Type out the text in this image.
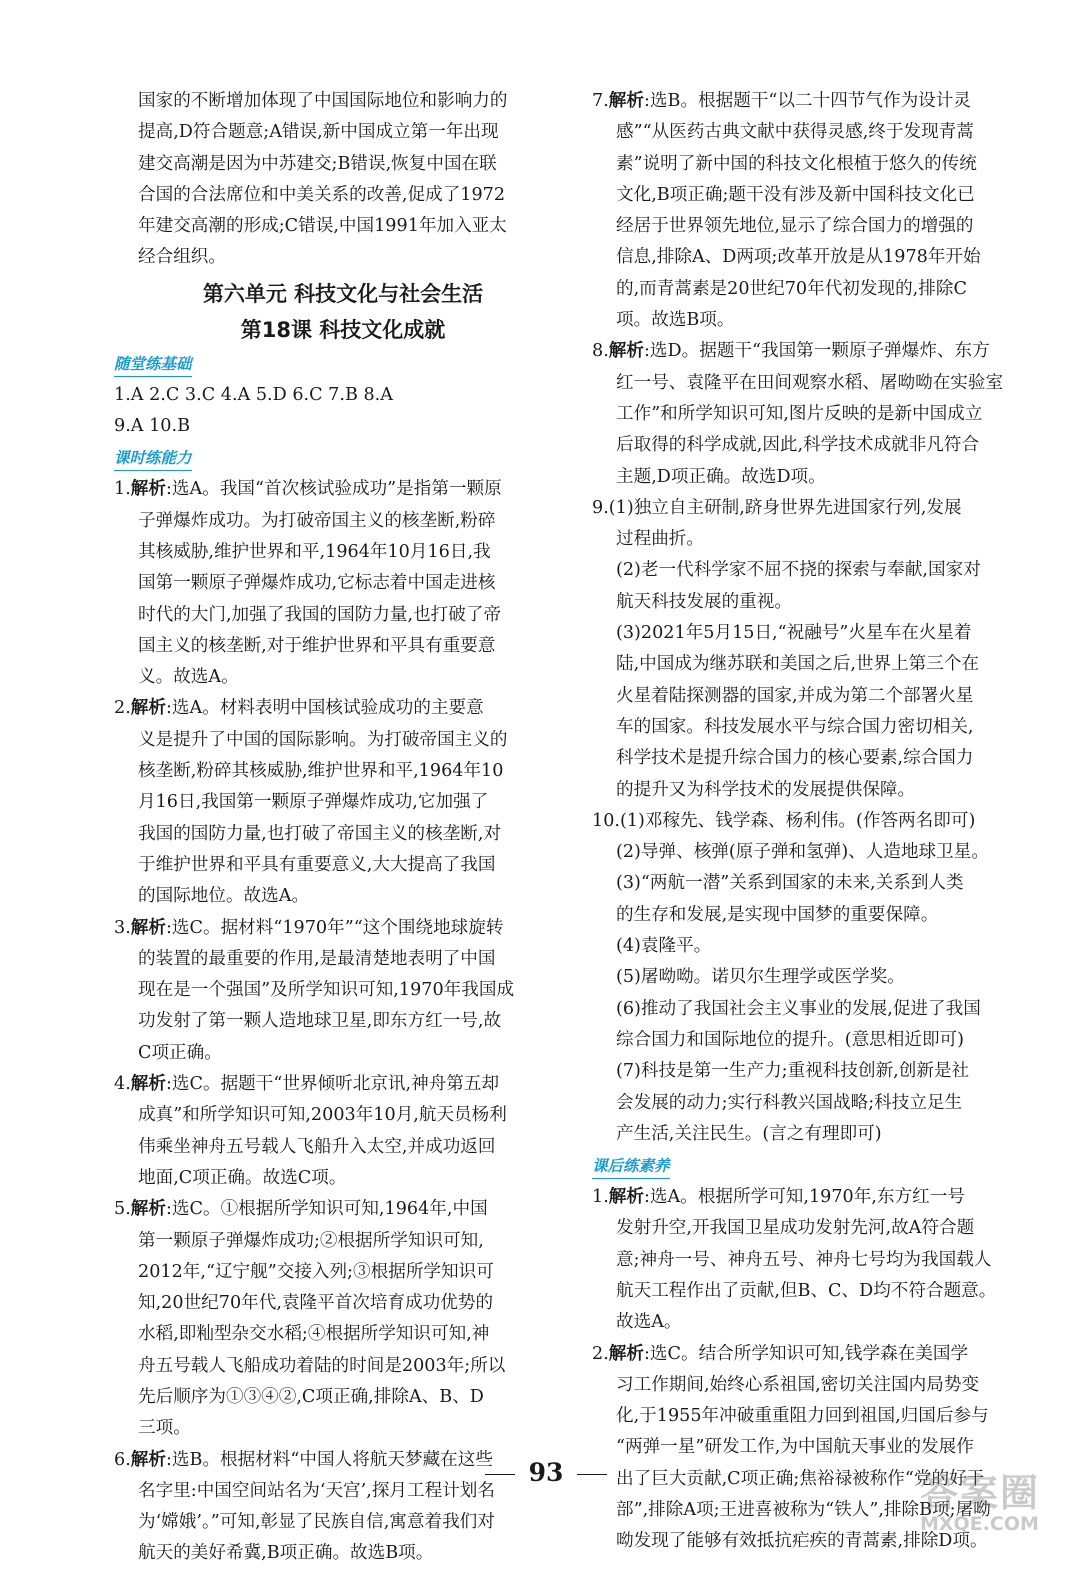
国家的不断增加体现了中国国际地位和影响力的

提高,D符合题意;A错误,新中国成立第一年出现

建交高潮是因为中苏建交;B错误,恢复中国在联

合国的合法席位和中美关系的改善,促成了1972

年建交高潮的形成;C错误,中国1991年加入亚太

经合组织。

第六单元 科技文化与社会生活
第18课 科技文化成就
随堂练基础

1.A 2.C 3.C 4.A 5.D 6.C 7.B 8.A

9.A 10.B

课时练能力

1.解析:选A。我国“首次核试验成功”是指第一颗原

子弹爆炸成功。为打破帝国主义的核垄断,粉碎

其核威胁,维护世界和平,1964年10月16日,我

国第一颗原子弹爆炸成功,它标志着中国走进核

时代的大门,加强了我国的国防力量,也打破了帝

国主义的核垄断,对于维护世界和平具有重要意

义。故选A。

2.解析:选A。材料表明中国核试验成功的主要意

义是提升了中国的国际影响。为打破帝国主义的

核垄断,粉碎其核威胁,维护世界和平,1964年10

月16日,我国第一颗原子弹爆炸成功,它加强了

我国的国防力量,也打破了帝国主义的核垄断,对

于维护世界和平具有重要意义,大大提高了我国

的国际地位。故选A。

3.解析:选C。据材料“1970年”“这个围绕地球旋转

的装置的最重要的作用,是最清楚地表明了中国

现在是一个强国”及所学知识可知,1970年我国成

功发射了第一颗人造地球卫星,即东方红一号,故

C项正确。

4.解析:选C。据题干“世界倾听北京讯,神舟第五却

成真”和所学知识可知,2003年10月,航天员杨利

伟乘坐神舟五号载人飞船升入太空,并成功返回

地面,C项正确。故选C项。

5.解析:选C。①根据所学知识可知,1964年,中国

第一颗原子弹爆炸成功;②根据所学知识可知,

2012年,“辽宁舰”交接入列;③根据所学知识可

知,20世纪70年代,袁隆平首次培育成功优势的

水稻,即籼型杂交水稻;④根据所学知识可知,神

舟五号载人飞船成功着陆的时间是2003年;所以

先后顺序为①③④②,C项正确,排除A、B、D

三项。

6.解析:选B。根据材料“中国人将航天梦藏在这些

名字里:中国空间站名为‘天宫’,探月工程计划名

为‘嫦娥’。”可知,彰显了民族自信,寓意着我们对

航天的美好希冀,B项正确。故选B项。

7.解析:选B。根据题干“以二十四节气作为设计灵

感”“从医药古典文献中获得灵感,终于发现青蒿

素”说明了新中国的科技文化根植于悠久的传统

文化,B项正确;题干没有涉及新中国科技文化已

经居于世界领先地位,显示了综合国力的增强的

信息,排除A、D两项;改革开放是从1978年开始

的,而青蒿素是20世纪70年代初发现的,排除C

项。故选B项。

8.解析:选D。据题干“我国第一颗原子弹爆炸、东方

红一号、袁隆平在田间观察水稻、屠呦呦在实验室

工作”和所学知识可知,图片反映的是新中国成立

后取得的科学成就,因此,科学技术成就非凡符合

主题,D项正确。故选D项。

9.(1)独立自主研制,跻身世界先进国家行列,发展

过程曲折。

(2)老一代科学家不屈不挠的探索与奉献,国家对

航天科技发展的重视。

(3)2021年5月15日,“祝融号”火星车在火星着

陆,中国成为继苏联和美国之后,世界上第三个在

火星着陆探测器的国家,并成为第二个部署火星

车的国家。科技发展水平与综合国力密切相关,

科学技术是提升综合国力的核心要素,综合国力

的提升又为科学技术的发展提供保障。

10.(1)邓稼先、钱学森、杨利伟。(作答两名即可)

(2)导弹、核弹(原子弹和氢弹)、人造地球卫星。

(3)“两航一潜”关系到国家的未来,关系到人类

的生存和发展,是实现中国梦的重要保障。

(4)袁隆平。

(5)屠呦呦。诺贝尔生理学或医学奖。

(6)推动了我国社会主义事业的发展,促进了我国

综合国力和国际地位的提升。(意思相近即可)

(7)科技是第一生产力;重视科技创新,创新是社

会发展的动力;实行科教兴国战略;科技立足生

产生活,关注民生。(言之有理即可)

课后练素养

1.解析:选A。根据所学可知,1970年,东方红一号

发射升空,开我国卫星成功发射先河,故A符合题

意;神舟一号、神舟五号、神舟七号均为我国载人

航天工程作出了贡献,但B、C、D均不符合题意。

故选A。

2.解析:选C。结合所学知识可知,钱学森在美国学

习工作期间,始终心系祖国,密切关注国内局势变

化,于1955年冲破重重阻力回到祖国,归国后参与

“两弹一星”研发工作,为中国航天事业的发展作

出了巨大贡献,C项正确;焦裕禄被称作“党的好干

部”,排除A项;王进喜被称为“铁人”,排除B项;屠呦

呦发现了能够有效抵抗疟疾的青蒿素,排除D项。

93	答案圈
MXQE.COM
